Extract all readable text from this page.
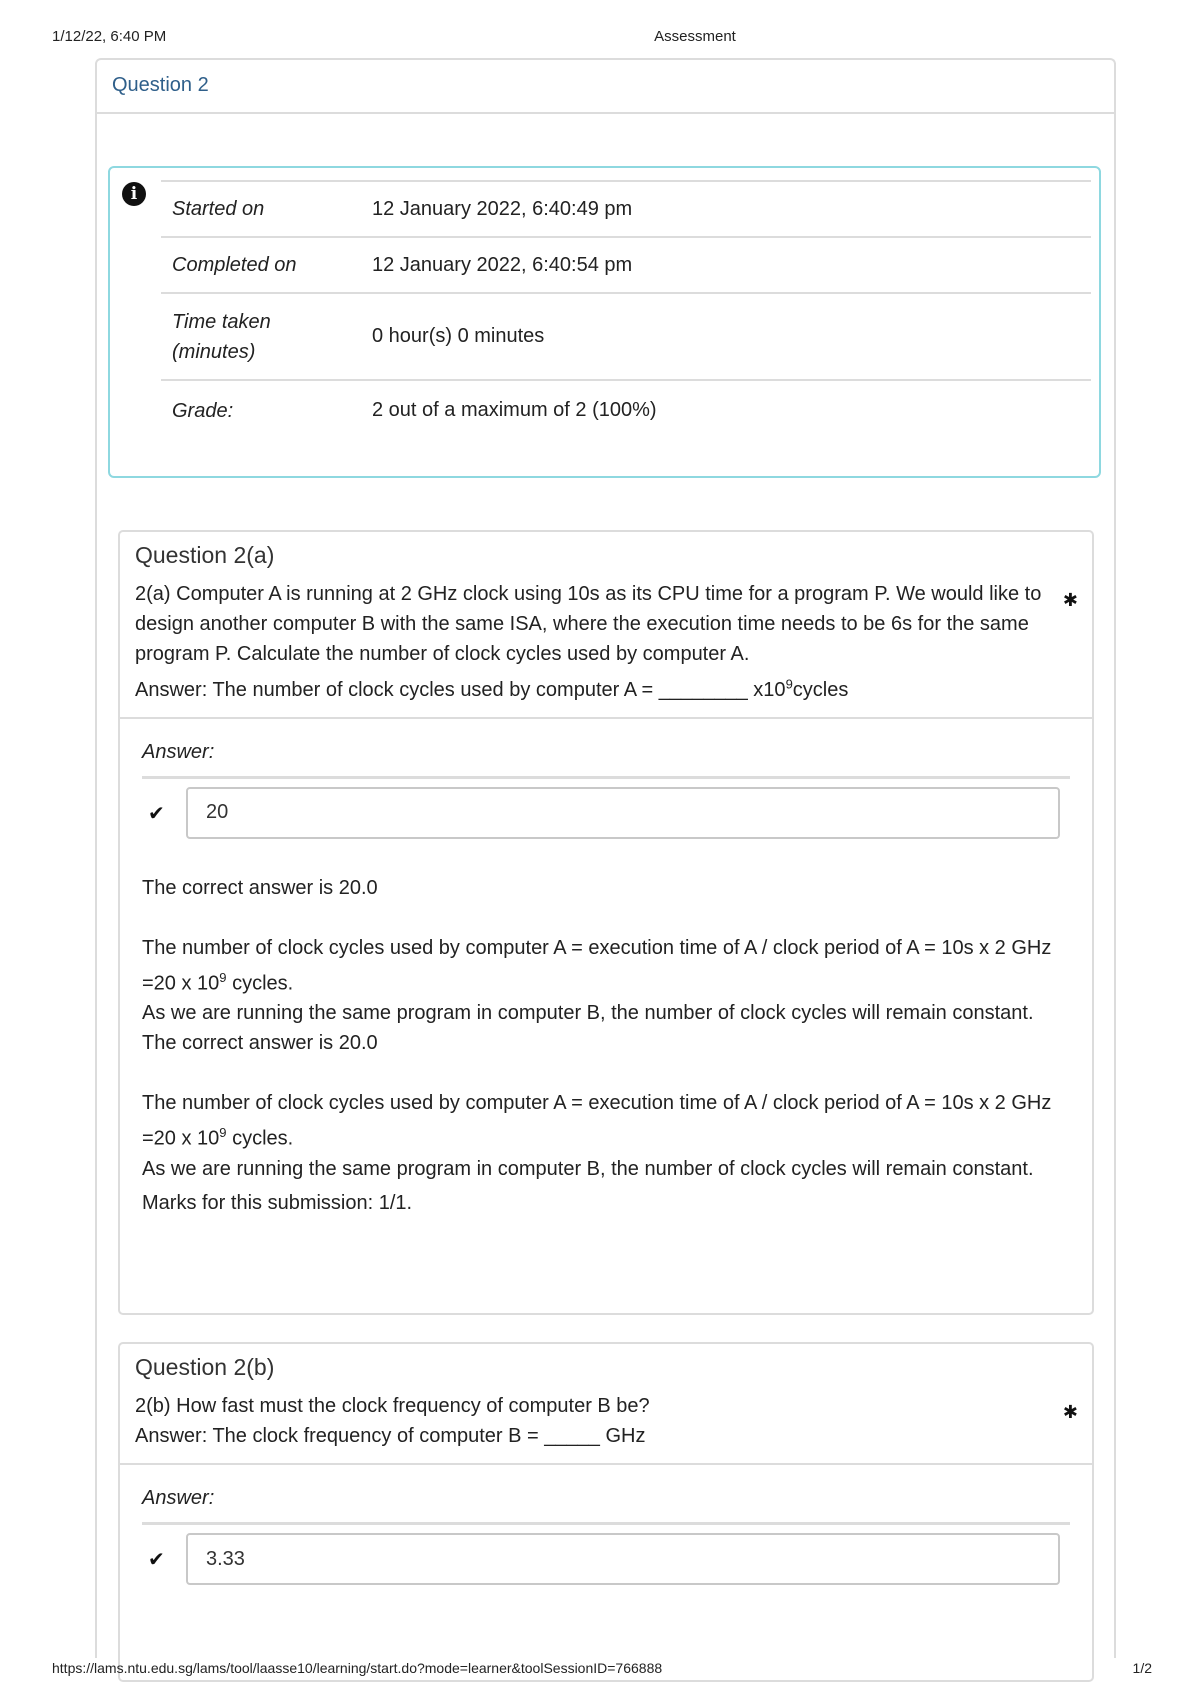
1/12/22, 6:40 PM	Assessment
Question 2
i
Started on	12 January 2022, 6:40:49 pm
Completed on	12 January 2022, 6:40:54 pm
Time taken (minutes)	0 hour(s) 0 minutes
Grade:	2 out of a maximum of 2 (100%)
Question 2(a)
✱
2(a) Computer A is running at 2 GHz clock using 10s as its CPU time for a program P. We would like to design another computer B with the same ISA, where the execution time needs to be 6s for the same program P. Calculate the number of clock cycles used by computer A.
Answer: The number of clock cycles used by computer A = ________ $x10^9cycles$
Answer:
✔
20

The correct answer is 20.0

The number of clock cycles used by computer A = execution time of A / clock period of A = 10s x 2 GHz =20 x $10^9$ cycles.

As we are running the same program in computer B, the number of clock cycles will remain constant.

The correct answer is 20.0

The number of clock cycles used by computer A = execution time of A / clock period of A = 10s x 2 GHz =20 x $10^9$ cycles.

As we are running the same program in computer B, the number of clock cycles will remain constant.

Marks for this submission: 1/1.
Question 2(b)
✱
2(b) How fast must the clock frequency of computer B be?
Answer: The clock frequency of computer B = _____ GHz
Answer:
✔
3.33
https://lams.ntu.edu.sg/lams/tool/laasse10/learning/start.do?mode=learner&toolSessionID=766888	1/2
